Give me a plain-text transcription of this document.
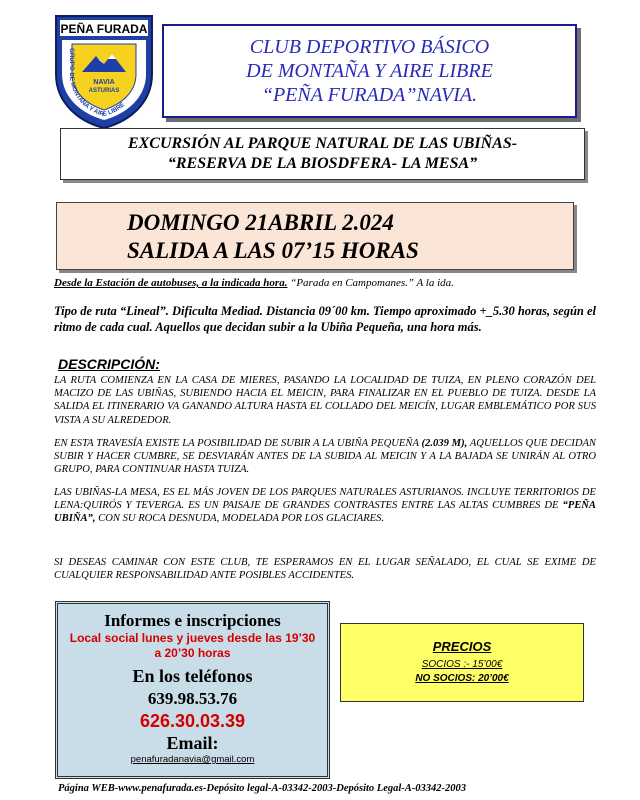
PEÑA FURADA
GRUPO DE MONTAÑA Y AIRE LIBRE
NAVIA
ASTURIAS
CLUB DEPORTIVO BÁSICO
DE MONTAÑA Y AIRE LIBRE
“PEÑA FURADA”NAVIA.
EXCURSIÓN AL PARQUE NATURAL DE LAS UBIÑAS-
“RESERVA DE LA BIOSDFERA- LA MESA”
DOMINGO 21ABRIL 2.024
SALIDA A LAS 07’15 HORAS
Desde la Estación de autobuses, a la indicada hora. “Parada en Campomanes.” A la ida.
Tipo de ruta “Lineal”. Dificulta Mediad. Distancia 09´00 km. Tiempo aproximado +_5.30 horas, según el ritmo de cada cual. Aquellos que decidan subir a la Ubiña Pequeña, una hora más.
DESCRIPCIÓN:
LA RUTA COMIENZA EN LA CASA DE MIERES, PASANDO LA LOCALIDAD DE TUIZA, EN PLENO CORAZÓN DEL MACIZO DE LAS UBIÑAS, SUBIENDO HACIA EL MEICIN, PARA FINALIZAR EN EL PUEBLO DE TUIZA. DESDE LA SALIDA EL ITINERARIO VA GANANDO ALTURA HASTA EL COLLADO DEL MEICÍN, LUGAR EMBLEMÁTICO POR SUS VISTA A SU ALREDEDOR.
EN ESTA TRAVESÍA EXISTE LA POSIBILIDAD DE SUBIR A LA UBIÑA PEQUEÑA (2.039 M), AQUELLOS QUE DECIDAN SUBIR Y HACER CUMBRE, SE DESVIARÁN ANTES DE LA SUBIDA AL MEICIN Y A LA BAJADA SE UNIRÁN AL OTRO GRUPO, PARA CONTINUAR HASTA TUIZA.
LAS UBIÑAS-LA MESA, ES EL MÁS JOVEN DE LOS PARQUES NATURALES ASTURIANOS. INCLUYE TERRITORIOS DE LENA:QUIRÓS Y TEVERGA. ES UN PAISAJE DE GRANDES CONTRASTES ENTRE LAS ALTAS CUMBRES DE “PEÑA UBIÑA”, CON SU ROCA DESNUDA, MODELADA POR LOS GLACIARES.
SI DESEAS CAMINAR CON ESTE CLUB, TE ESPERAMOS EN EL LUGAR SEÑALADO, EL CUAL SE EXIME DE CUALQUIER RESPONSABILIDAD ANTE POSIBLES ACCIDENTES.
Informes e inscripciones
Local social lunes y jueves desde las 19’30
a 20’30 horas
En los teléfonos
639.98.53.76
626.30.03.39
Email:
penafuradanavia@gmail.com
PRECIOS
SOCIOS :- 15’00€
NO SOCIOS: 20’00€
Página WEB-www.penafurada.es-Depósito legal-A-03342-2003-Depósito Legal-A-03342-2003
